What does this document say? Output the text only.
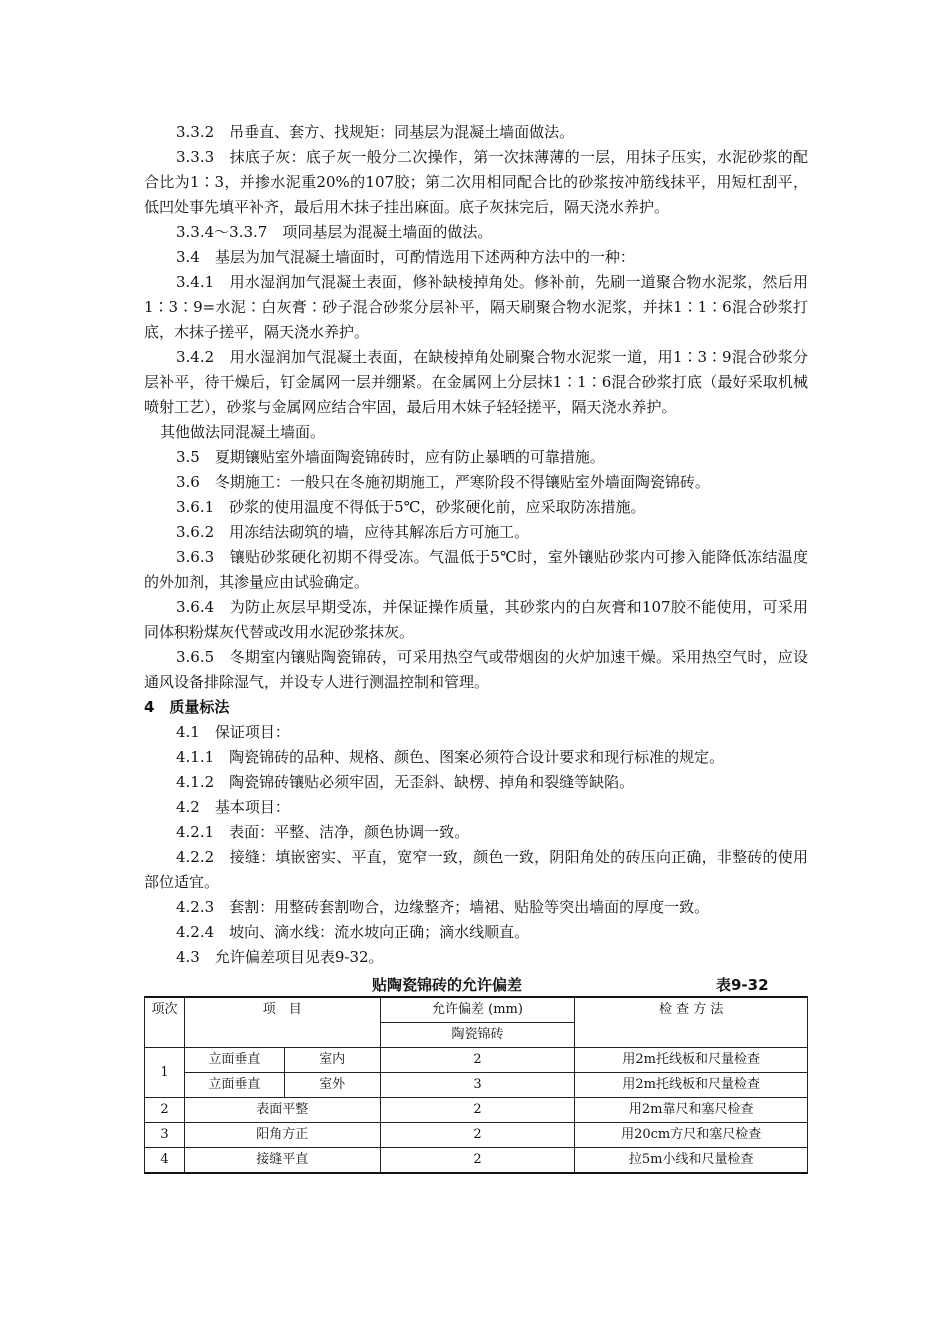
3.3.2　吊垂直、套方、找规矩：同基层为混凝土墙面做法。

3.3.3　抹底子灰：底子灰一般分二次操作，第一次抹薄薄的一层，用抹子压实，水泥砂浆的配合比为1∶3，并掺水泥重20%的107胶；第二次用相同配合比的砂浆按冲筋线抹平，用短杠刮平，低凹处事先填平补齐，最后用木抹子挂出麻面。底子灰抹完后，隔天浇水养护。

3.3.4～3.3.7　项同基层为混凝土墙面的做法。

3.4　基层为加气混凝土墙面时，可酌情选用下述两种方法中的一种：

3.4.1　用水湿润加气混凝土表面，修补缺棱掉角处。修补前，先刷一道聚合物水泥浆，然后用1∶3∶9=水泥∶白灰膏∶砂子混合砂浆分层补平，隔天刷聚合物水泥浆，并抹1∶1∶6混合砂浆打底，木抹子搓平，隔天浇水养护。

3.4.2　用水湿润加气混凝土表面，在缺棱掉角处刷聚合物水泥浆一道，用1∶3∶9混合砂浆分层补平，待干燥后，钉金属网一层并绷紧。在金属网上分层抹1∶1∶6混合砂浆打底（最好采取机械喷射工艺），砂浆与金属网应结合牢固，最后用木妹子轻轻搓平，隔天浇水养护。

其他做法同混凝土墙面。

3.5　夏期镶贴室外墙面陶瓷锦砖时，应有防止暴晒的可靠措施。

3.6　冬期施工：一般只在冬施初期施工，严寒阶段不得镶贴室外墙面陶瓷锦砖。

3.6.1　砂浆的使用温度不得低于5℃，砂浆硬化前，应采取防冻措施。

3.6.2　用冻结法砌筑的墙，应待其解冻后方可施工。

3.6.3　镶贴砂浆硬化初期不得受冻。气温低于5℃时，室外镶贴砂浆内可掺入能降低冻结温度的外加剂，其渗量应由试验确定。

3.6.4　为防止灰层早期受冻，并保证操作质量，其砂浆内的白灰膏和107胶不能使用，可采用同体积粉煤灰代替或改用水泥砂浆抹灰。

3.6.5　冬期室内镶贴陶瓷锦砖，可采用热空气或带烟囱的火炉加速干燥。采用热空气时，应设通风设备排除湿气，并设专人进行测温控制和管理。

4　质量标法

4.1　保证项目：

4.1.1　陶瓷锦砖的品种、规格、颜色、图案必须符合设计要求和现行标准的规定。

4.1.2　陶瓷锦砖镶贴必须牢固，无歪斜、缺楞、掉角和裂缝等缺陷。

4.2　基本项目：

4.2.1　表面：平整、洁净，颜色协调一致。

4.2.2　接缝：填嵌密实、平直，宽窄一致，颜色一致，阴阳角处的砖压向正确，非整砖的使用部位适宜。

4.2.3　套割：用整砖套割吻合，边缘整齐；墙裙、贴脸等突出墙面的厚度一致。

4.2.4　坡向、滴水线：流水坡向正确；滴水线顺直。

4.3　允许偏差项目见表9-32。

贴陶瓷锦砖的允许偏差	表9-32
项次	项　目		允许偏差 (mm)	检 查 方 法
			陶瓷锦砖	
1	立面垂直	室内	2	用2m托线板和尺量检查
	立面垂直	室外	3	用2m托线板和尺量检查
2	表面平整		2	用2m靠尺和塞尺检查
3	阳角方正		2	用20cm方尺和塞尺检查
4	接缝平直		2	拉5m小线和尺量检查
